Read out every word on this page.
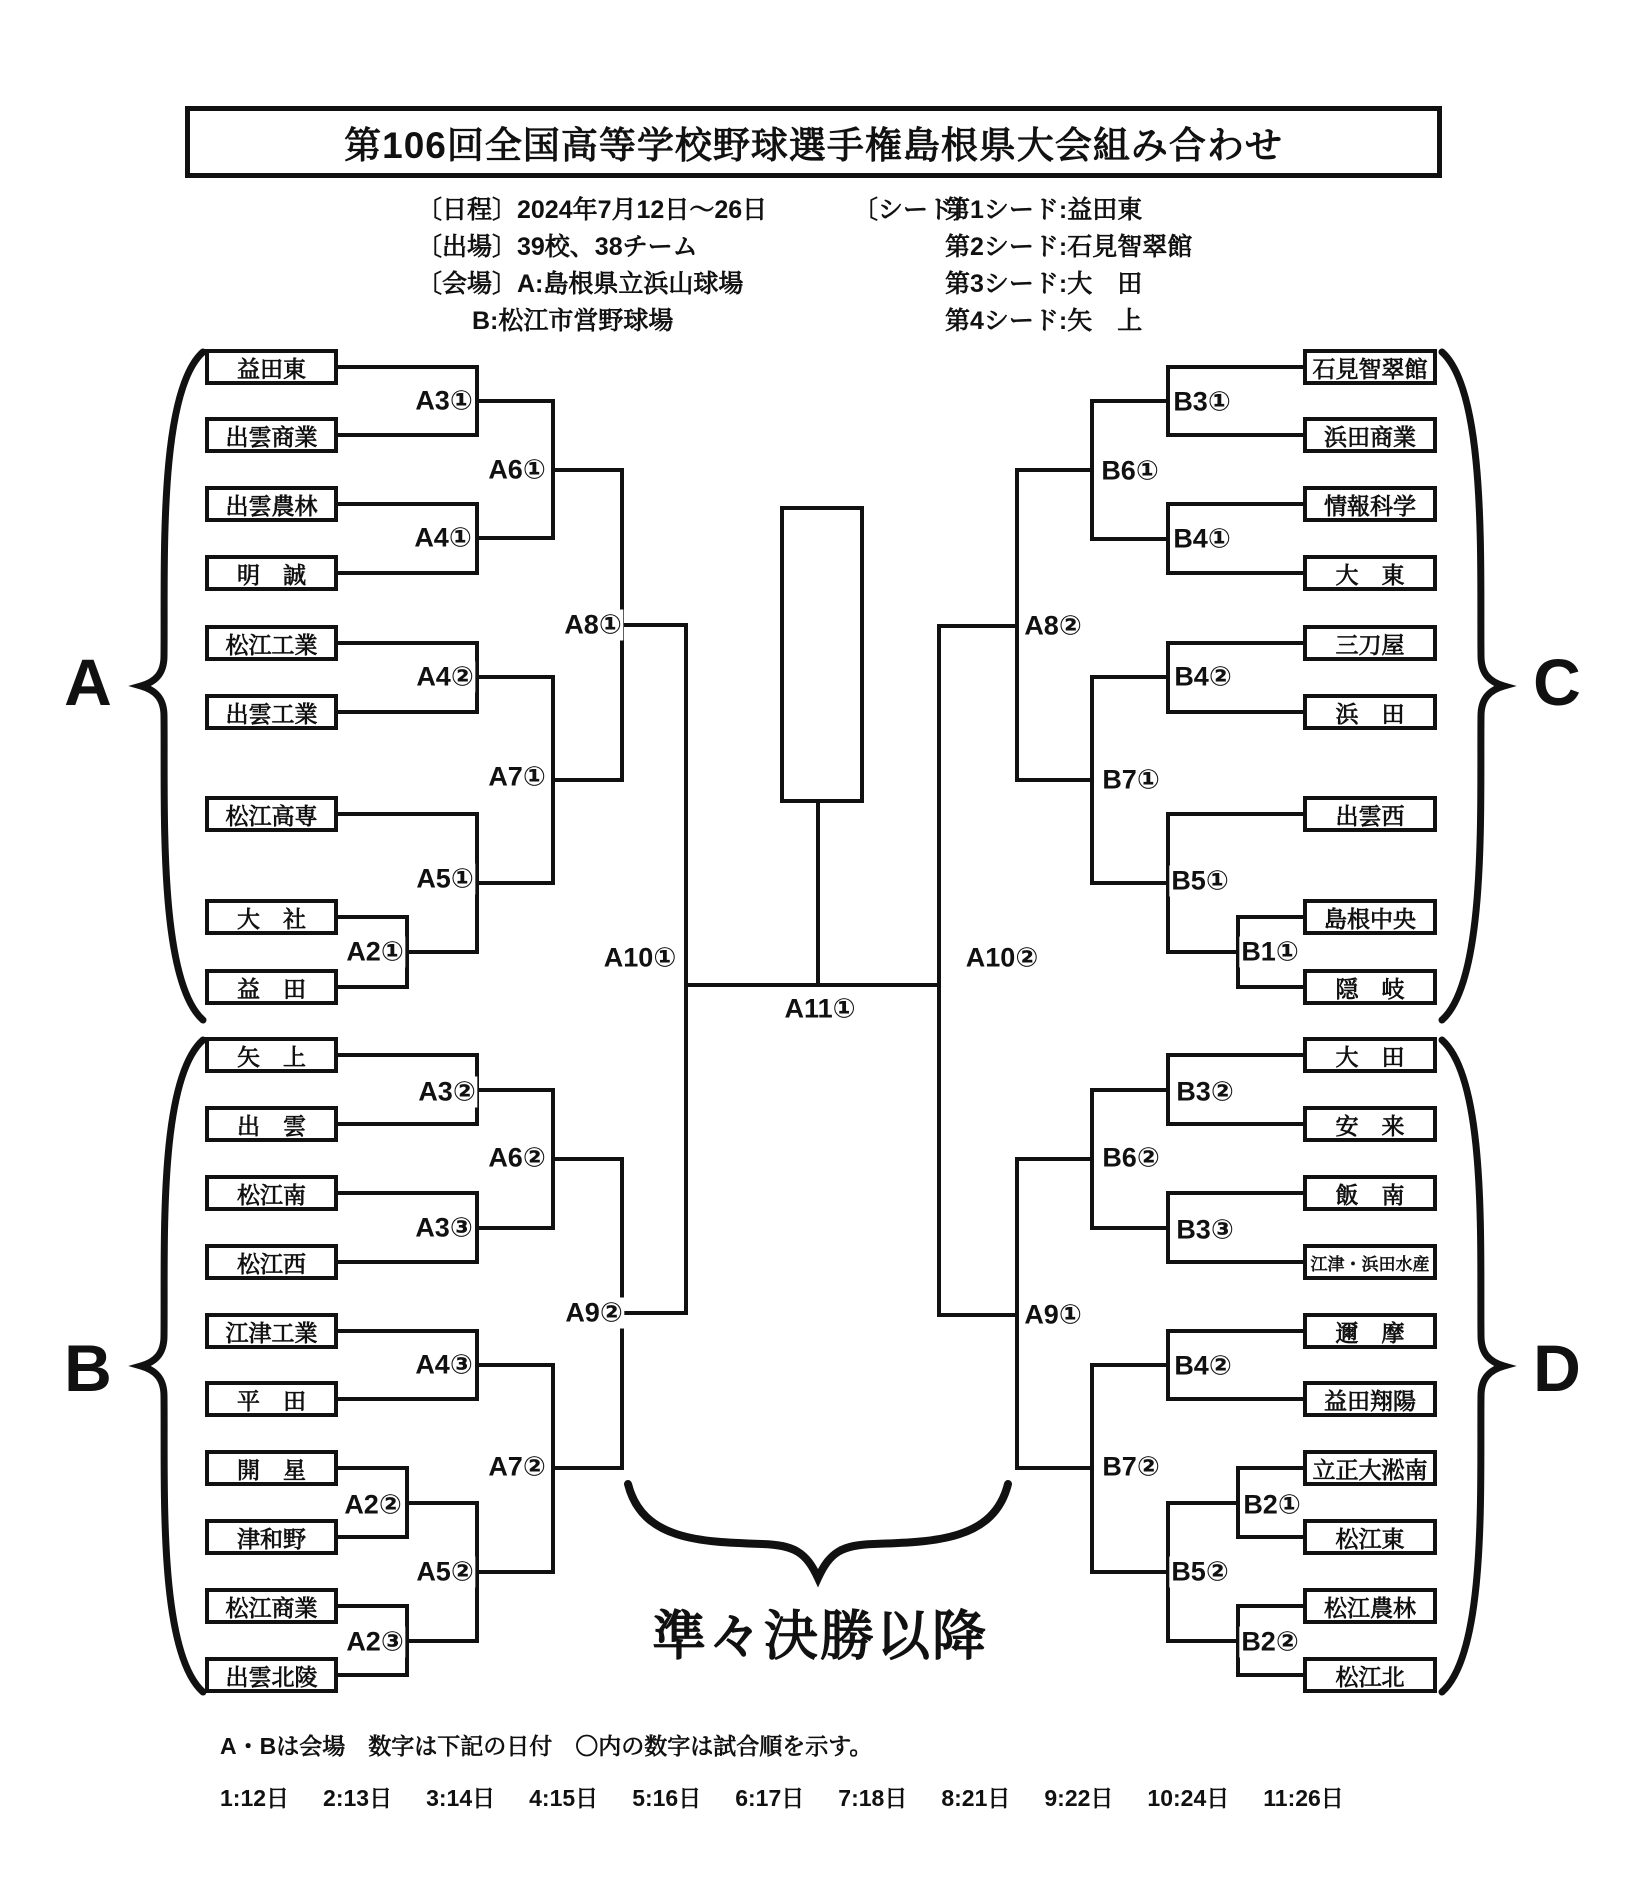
第106回全国高等学校野球選手権島根県大会組み合わせ
〔日程〕2024年7月12日〜26日
〔出場〕39校、38チーム
〔会場〕A:島根県立浜山球場
B:松江市営野球場
〔シード〕
第1シード:益田東
第2シード:石見智翠館
第3シード:大　田
第4シード:矢　上
A
B
C
D
A10①
A11①
A10②
準々決勝以降
益田東
出雲商業
出雲農林
明　誠
松江工業
出雲工業
松江高専
大　社
益　田
A3①
A4①
A6①
A4②
A2①
A5①
A7①
A8①
矢　上
出　雲
松江南
松江西
江津工業
平　田
開　星
津和野
松江商業
出雲北陵
A3②
A3③
A6②
A4③
A2②
A2③
A5②
A7②
A9②
石見智翠館
浜田商業
情報科学
大　東
三刀屋
浜　田
出雲西
島根中央
隠　岐
B3①
B4①
B6①
B4②
B1①
B5①
B7①
A8②
大　田
安　来
飯　南
江津・浜田水産
邇　摩
益田翔陽
立正大淞南
松江東
松江農林
松江北
B3②
B3③
B6②
B4②
B2①
B2②
B5②
B7②
A9①
A・Bは会場　数字は下記の日付　〇内の数字は試合順を示す。
1:12日 2:13日 3:14日 4:15日 5:16日 6:17日 7:18日 8:21日 9:22日 10:24日 11:26日
